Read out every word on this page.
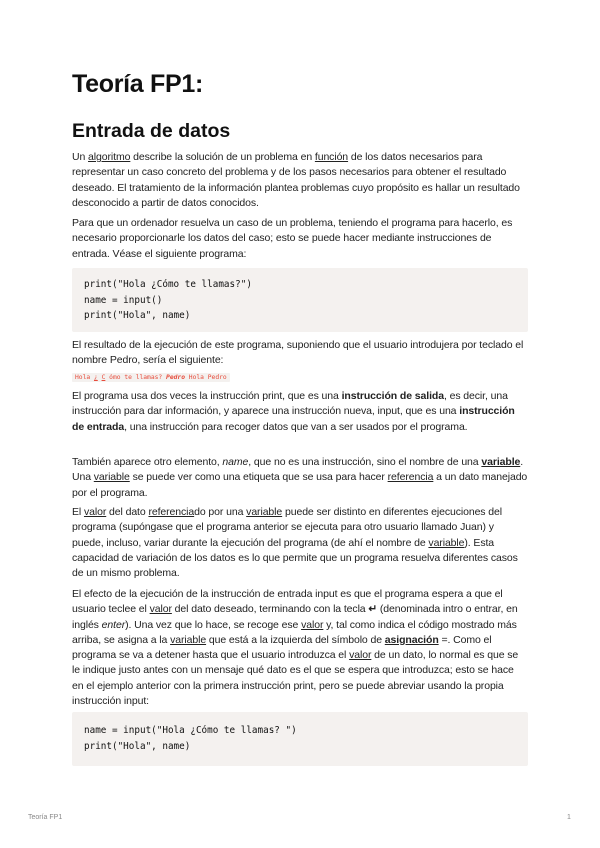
Teoría FP1:
Entrada de datos

Un algoritmo describe la solución de un problema en función de los datos necesarios para representar un caso concreto del problema y de los pasos necesarios para obtener el resultado deseado. El tratamiento de la información plantea problemas cuyo propósito es hallar un resultado desconocido a partir de datos conocidos.

Para que un ordenador resuelva un caso de un problema, teniendo el programa para hacerlo, es necesario proporcionarle los datos del caso; esto se puede hacer mediante instrucciones de entrada. Véase el siguiente programa:

print("Hola ¿Cómo te llamas?")
name = input()
print("Hola", name)

El resultado de la ejecución de este programa, suponiendo que el usuario introdujera por teclado el nombre Pedro, sería el siguiente:

Hola ¿ C ómo te llamas? Pedro Hola Pedro

El programa usa dos veces la instrucción print, que es una instrucción de salida, es decir, una instrucción para dar información, y aparece una instrucción nueva, input, que es una instrucción de entrada, una instrucción para recoger datos que van a ser usados por el programa.

También aparece otro elemento, name, que no es una instrucción, sino el nombre de una variable. Una variable se puede ver como una etiqueta que se usa para hacer referencia a un dato manejado por el programa.

El valor del dato referenciado por una variable puede ser distinto en diferentes ejecuciones del programa (supóngase que el programa anterior se ejecuta para otro usuario llamado Juan) y puede, incluso, variar durante la ejecución del programa (de ahí el nombre de variable). Esta capacidad de variación de los datos es lo que permite que un programa resuelva diferentes casos de un mismo problema.

El efecto de la ejecución de la instrucción de entrada input es que el programa espera a que el usuario teclee el valor del dato deseado, terminando con la tecla ↵ (denominada intro o entrar, en inglés enter). Una vez que lo hace, se recoge ese valor y, tal como indica el código mostrado más arriba, se asigna a la variable que está a la izquierda del símbolo de asignación =. Como el programa se va a detener hasta que el usuario introduzca el valor de un dato, lo normal es que se le indique justo antes con un mensaje qué dato es el que se espera que introduzca; esto se hace en el ejemplo anterior con la primera instrucción print, pero se puede abreviar usando la propia instrucción input:

name = input("Hola ¿Cómo te llamas? ")
print("Hola", name)
Teoría FP1	1
